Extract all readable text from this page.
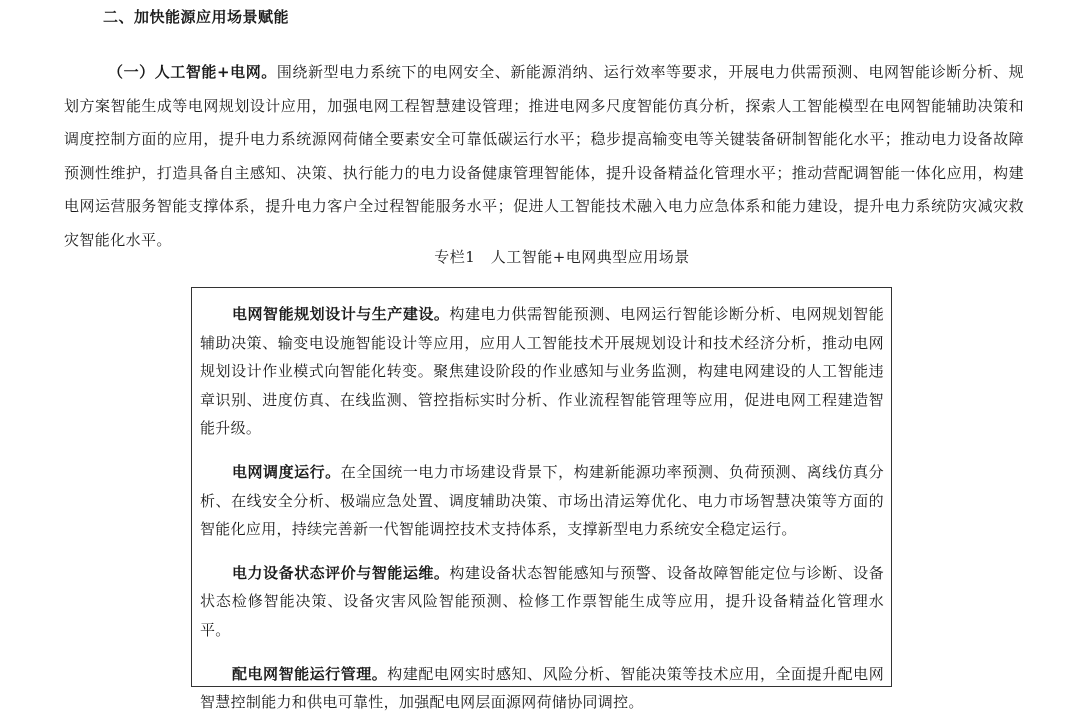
二、加快能源应用场景赋能

（一）人工智能+电网。围绕新型电力系统下的电网安全、新能源消纳、运行效率等要求，开展电力供需预测、电网智能诊断分析、规划方案智能生成等电网规划设计应用，加强电网工程智慧建设管理；推进电网多尺度智能仿真分析，探索人工智能模型在电网智能辅助决策和调度控制方面的应用，提升电力系统源网荷储全要素安全可靠低碳运行水平；稳步提高输变电等关键装备研制智能化水平；推动电力设备故障预测性维护，打造具备自主感知、决策、执行能力的电力设备健康管理智能体，提升设备精益化管理水平；推动营配调智能一体化应用，构建电网运营服务智能支撑体系，提升电力客户全过程智能服务水平；促进人工智能技术融入电力应急体系和能力建设，提升电力系统防灾减灾救灾智能化水平。

专栏1　人工智能+电网典型应用场景

电网智能规划设计与生产建设。构建电力供需智能预测、电网运行智能诊断分析、电网规划智能辅助决策、输变电设施智能设计等应用，应用人工智能技术开展规划设计和技术经济分析，推动电网规划设计作业模式向智能化转变。聚焦建设阶段的作业感知与业务监测，构建电网建设的人工智能违章识别、进度仿真、在线监测、管控指标实时分析、作业流程智能管理等应用，促进电网工程建造智能升级。

电网调度运行。在全国统一电力市场建设背景下，构建新能源功率预测、负荷预测、离线仿真分析、在线安全分析、极端应急处置、调度辅助决策、市场出清运筹优化、电力市场智慧决策等方面的智能化应用，持续完善新一代智能调控技术支持体系，支撑新型电力系统安全稳定运行。

电力设备状态评价与智能运维。构建设备状态智能感知与预警、设备故障智能定位与诊断、设备状态检修智能决策、设备灾害风险智能预测、检修工作票智能生成等应用，提升设备精益化管理水平。

配电网智能运行管理。构建配电网实时感知、风险分析、智能决策等技术应用，全面提升配电网智慧控制能力和供电可靠性，加强配电网层面源网荷储协同调控。
